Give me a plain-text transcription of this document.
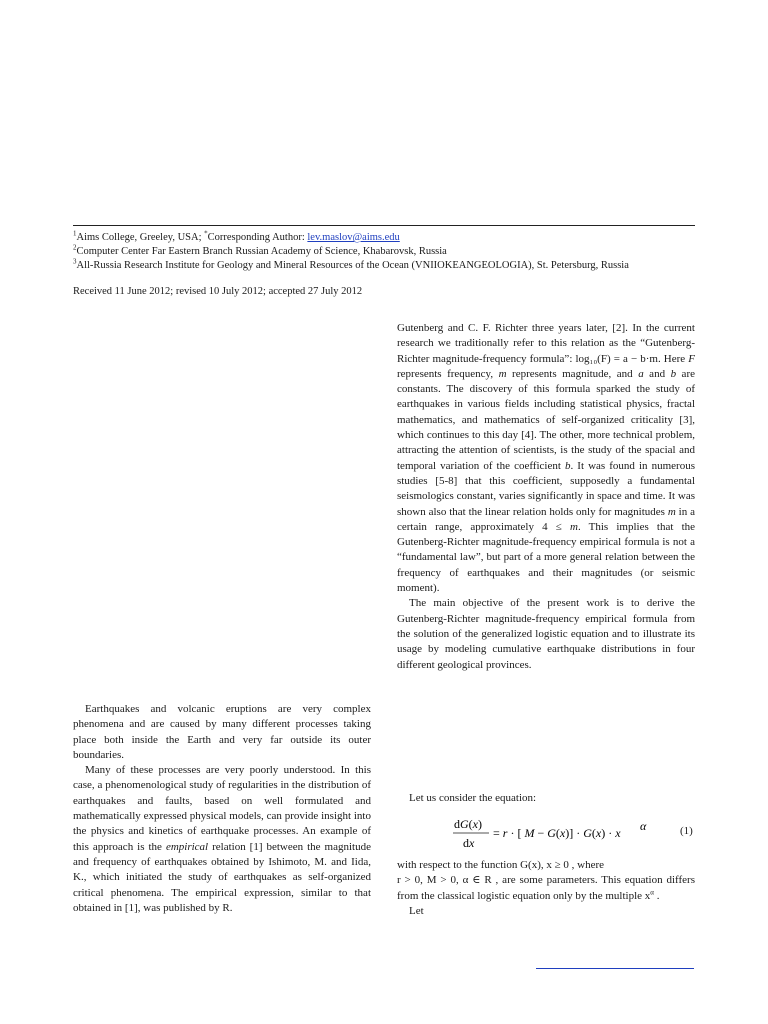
$^1$Aims College, Greeley, USA; *Corresponding Author: lev.maslov@aims.edu
$^2$Computer Center Far Eastern Branch Russian Academy of Science, Khabarovsk, Russia
$^3$All-Russia Research Institute for Geology and Mineral Resources of the Ocean (VNIIOKEANGEOLOGIA), St. Petersburg, Russia
Received 11 June 2012; revised 10 July 2012; accepted 27 July 2012

Earthquakes and volcanic eruptions are very complex phenomena and are caused by many different processes taking place both inside the Earth and very far outside its outer boundaries.

Many of these processes are very poorly understood. In this case, a phenomenological study of regularities in the distribution of earthquakes and faults, based on well formulated and mathematically expressed physical models, can provide insight into the physics and kinetics of earthquake processes. An example of this approach is the empirical relation [1] between the magnitude and frequency of earthquakes obtained by Ishimoto, M. and Iida, K., which initiated the study of earthquakes as self-organized critical phenomena. The empirical expression, similar to that obtained in [1], was published by R.

Gutenberg and C. F. Richter three years later, [2]. In the current research we traditionally refer to this relation as the “Gutenberg-Richter magnitude-frequency formula”: log₁₀(F) = a − b·m. Here F represents frequency, m represents magnitude, and a and b are constants. The discovery of this formula sparked the study of earthquakes in various fields including statistical physics, fractal mathematics, and mathematics of self-organized criticality [3], which continues to this day [4]. The other, more technical problem, attracting the attention of scientists, is the study of the spacial and temporal variation of the coefficient b. It was found in numerous studies [5-8] that this coefficient, supposedly a fundamental seismologics constant, varies significantly in space and time. It was shown also that the linear relation holds only for magnitudes m in a certain range, approximately 4 ≤ m. This implies that the Gutenberg-Richter magnitude-frequency empirical formula is not a “fundamental law”, but part of a more general relation between the frequency of earthquakes and their magnitudes (or seismic moment).

The main objective of the present work is to derive the Gutenberg-Richter magnitude-frequency empirical formula from the solution of the generalized logistic equation and to illustrate its usage by modeling cumulative earthquake distributions in four different geological provinces.

Let us consider the equation:

dG(x)
dx
= r · [ M − G(x)] · G(x) · x α	(1)

with respect to the function G(x), x ≥ 0 , where

r > 0, M > 0, α ∈ R , are some parameters. This equation differs from the classical logistic equation only by the multiple $x^\alpha$ .

Let
